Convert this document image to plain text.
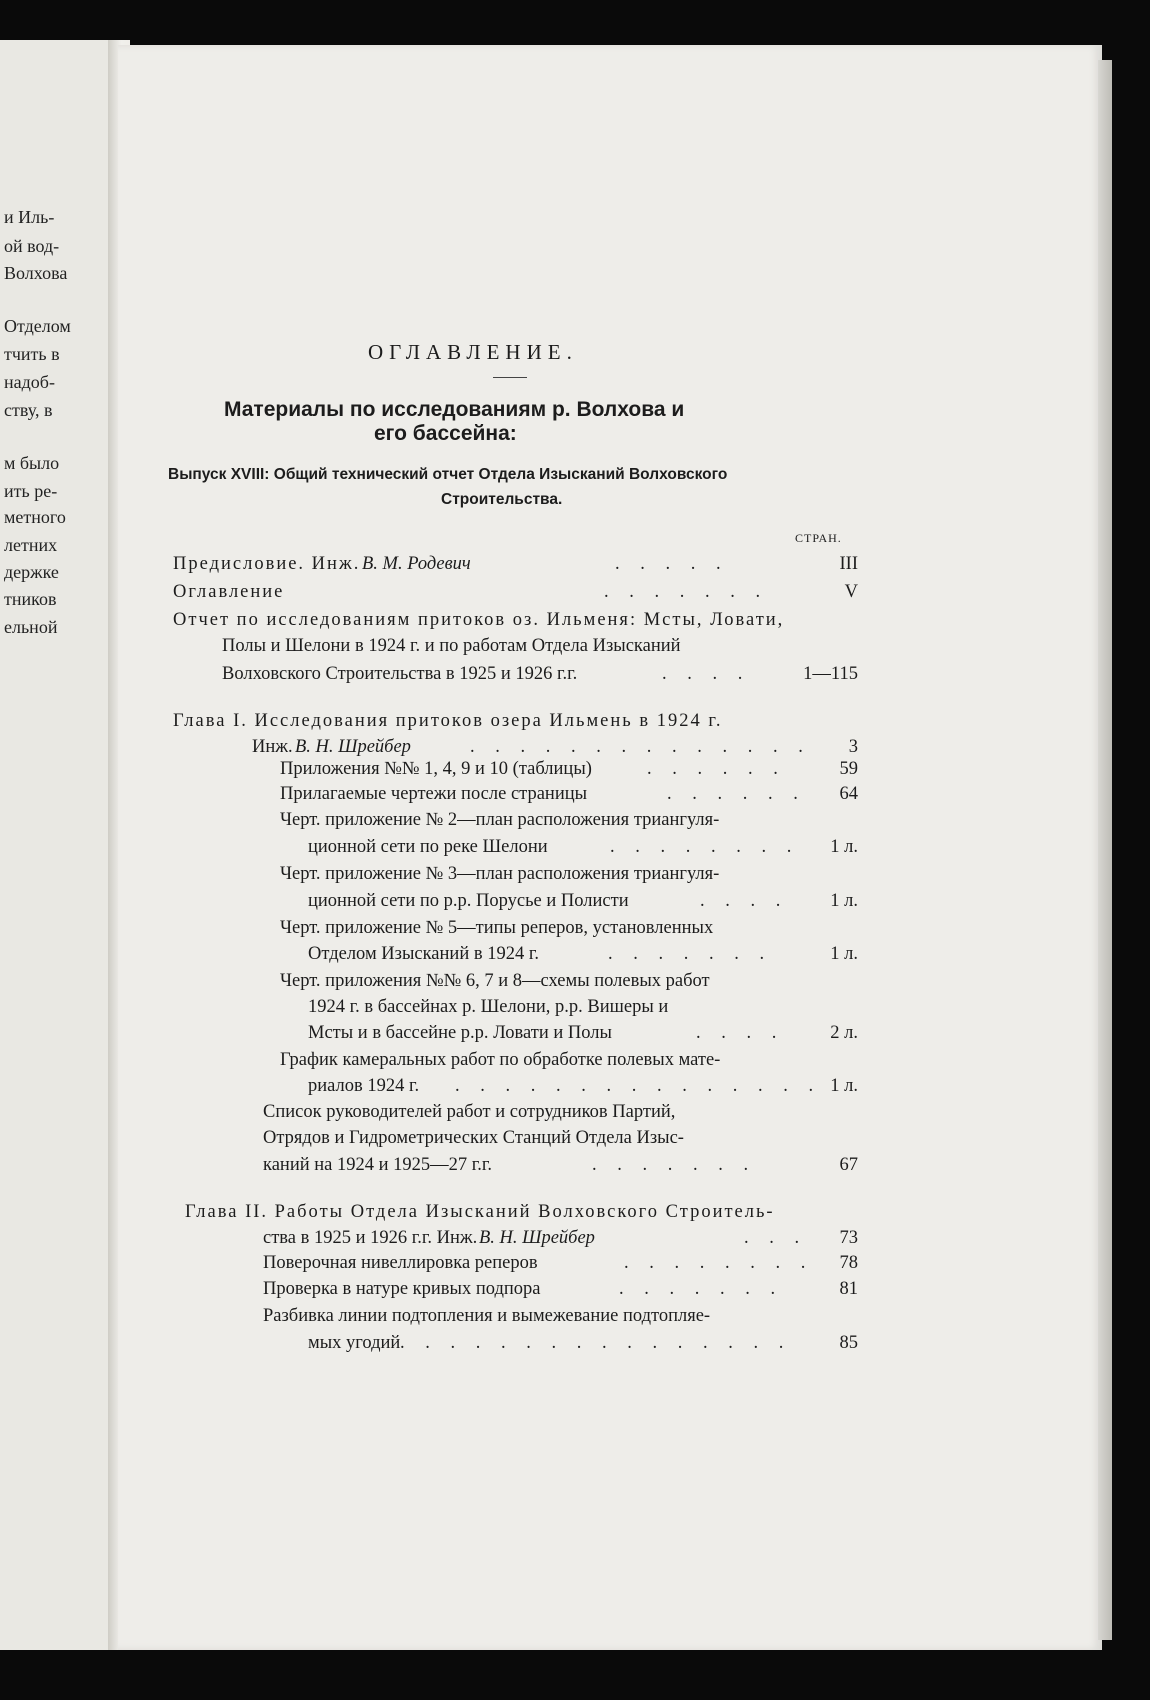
и Иль-
ой вод-
Волхова
Отделом
тчить в
надоб-
ству, в
м было
ить ре-
метного
летних
держке
тников
ельной
ОГЛАВЛЕНИЕ.
Материалы по исследованиям р. Волхова и
его бассейна:
Выпуск XVIII: Общий технический отчет Отдела Изысканий Волховского
Строительства.
СТРАН.
Предисловие. Инж. В. М. Родевич	. . . . .	III
Оглавление	. . . . . . .	V
Отчет по исследованиям притоков оз. Ильменя: Мсты, Ловати,
Полы и Шелони в 1924 г. и по работам Отдела Изысканий
Волховского Строительства в 1925 и 1926 г.г.	. . . .	1—115
Глава I. Исследования притоков озера Ильмень в 1924 г.
Инж. В. Н. Шрейбер	. . . . . . . . . . . . . . 3
Приложения №№ 1, 4, 9 и 10 (таблицы)	. . . . . .	59
Прилагаемые чертежи после страницы	. . . . . . 64
Черт. приложение № 2—план расположения триангуля-
ционной сети по реке Шелони	. . . . . . . . 1 л.
Черт. приложение № 3—план расположения триангуля-
ционной сети по р.р. Порусье и Полисти	. . . . 1 л.
Черт. приложение № 5—типы реперов, установленных
Отделом Изысканий в 1924 г.	. . . . . . .	1 л.
Черт. приложения №№ 6, 7 и 8—схемы полевых работ
1924 г. в бассейнах р. Шелони, р.р. Вишеры и
Мсты и в бассейне р.р. Ловати и Полы	. . . . 2 л.
График камеральных работ по обработке полевых мате-
риалов 1924 г. . . . . . . . . . . . . . . . 1 л.
Список руководителей работ и сотрудников Партий,
Отрядов и Гидрометрических Станций Отдела Изыс-
каний на 1924 и 1925—27 г.г.	. . . . . . .	67
Глава II. Работы Отдела Изысканий Волховского Строитель-
ства в 1925 и 1926 г.г. Инж. В. Н. Шрейбер	. . . 73
Поверочная нивеллировка реперов	. . . . . . . . 78
Проверка в натуре кривых подпора	. . . . . . .	81
Разбивка линии подтопления и вымежевание подтопляе-
мых угодий . . . . . . . . . . . . . . . .	85
